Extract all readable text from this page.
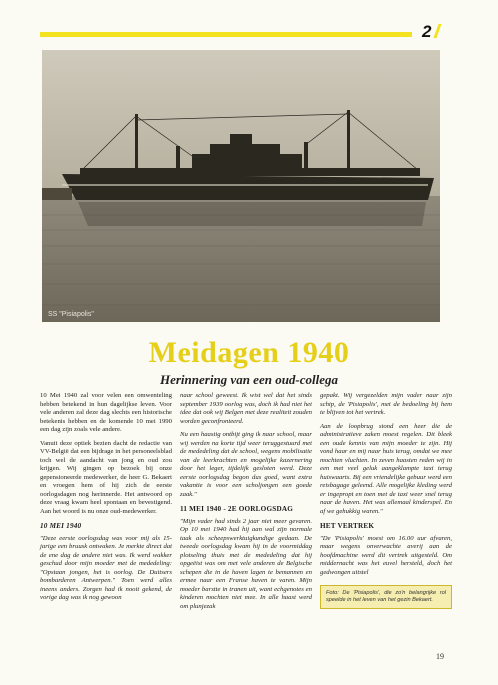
2
SS "Pisiapolis"
Meidagen 1940
Herinnering van een oud-collega

10 Mei 1940 zal voor velen een omwenteling hebben betekend in hun dagelijkse leven. Voor vele anderen zal deze dag slechts een historische betekenis hebben en de komende 10 mei 1990 een dag zijn zoals vele andere.

Vanuit deze optiek bezien dacht de redactie van VV-België dat een bijdrage in het personeelsblad toch wel de aandacht van jong en oud zou krijgen. Wij gingen op bezoek bij onze gepensioneerde medewerker, de heer G. Bekaert en vroegen hem of hij zich de eerste oorlogsdagen nog herinnerde. Het antwoord op deze vraag kwam heel spontaan en bevestigend. Aan het woord is nu onze oud-medewerker.

10 MEI 1940

"Deze eerste oorlogsdag was voor mij als 15-jarige een bruusk ontwaken. Je merkte direct dat de ene dag de andere niet was. Ik werd wakker geschud door mijn moeder met de mededeling: "Opstaan jongen, het is oorlog. De Duitsers bombarderen Antwerpen." Toen werd alles ineens anders. Zorgen had ik nooit gekend, de vorige dag was ik nog gewoon

naar school geweest. Ik wist wel dat het sinds september 1939 oorlog was, doch ik had niet het idee dat ook wij Belgen met deze realiteit zouden worden geconfronteerd.

Nu een haastig ontbijt ging ik naar school, maar wij werden na korte tijd weer teruggestuurd met de mededeling dat de school, wegens mobilisatie van de leerkrachten en mogelijke kazernering door het leger, tijdelijk gesloten werd. Deze eerste oorlogsdag begon dus goed, want extra vakantie is voor een scholjongen een goede zaak."

11 MEI 1940 - 2E OORLOGSDAG

"Mijn vader had sinds 2 jaar niet meer gevaren. Op 10 mei 1940 had hij aan wal zijn normale taak als scheepswerktuigkundige gedaan. De tweede oorlogsdag kwam hij in de voormiddag plotseling thuis met de mededeling dat hij opgeëist was om met vele anderen de Belgische schepen die in de haven lagen te bemannen en ermee naar een Franse haven te varen. Mijn moeder barstte in tranen uit, want echgenotes en kinderen mochten niet mee. In alle haast werd om plunjezak

gepakt. Wij vergezelden mijn vader naar zijn schip, de 'Pisiapolis', met de bedoeling bij hem te blijven tot het vertrek.

Aan de loopbrug stond een heer die de administratieve zaken moest regelen. Dit bleek een oude kennis van mijn moeder te zijn. Hij vond haar en mij naar huis terug, omdat we mee mochten vluchten. In zeven haasten reden wij in een met veel geluk aangeklampte taxi terug huiswaarts. Bij een vriendelijke gebuur werd een reisbagage geleend. Alle mogelijke kleding werd er ingepropt en toen met de taxi weer snel terug naar de haven. Het was allemaal kinderspel. En af we gehukkig waren."

HET VERTREK

"De 'Pisiapolis' moest om 16.00 uur afvaren, maar wegens onverwachte averij aan de hoofdmachine werd dit vertrek uitgesteld. Om middernacht was het euvel hersteld, doch het gedwongen uitstel

Foto: De 'Pisiapolis', die zo'n belangrijke rol speelde in het leven van het gezin Bekaert.
19
